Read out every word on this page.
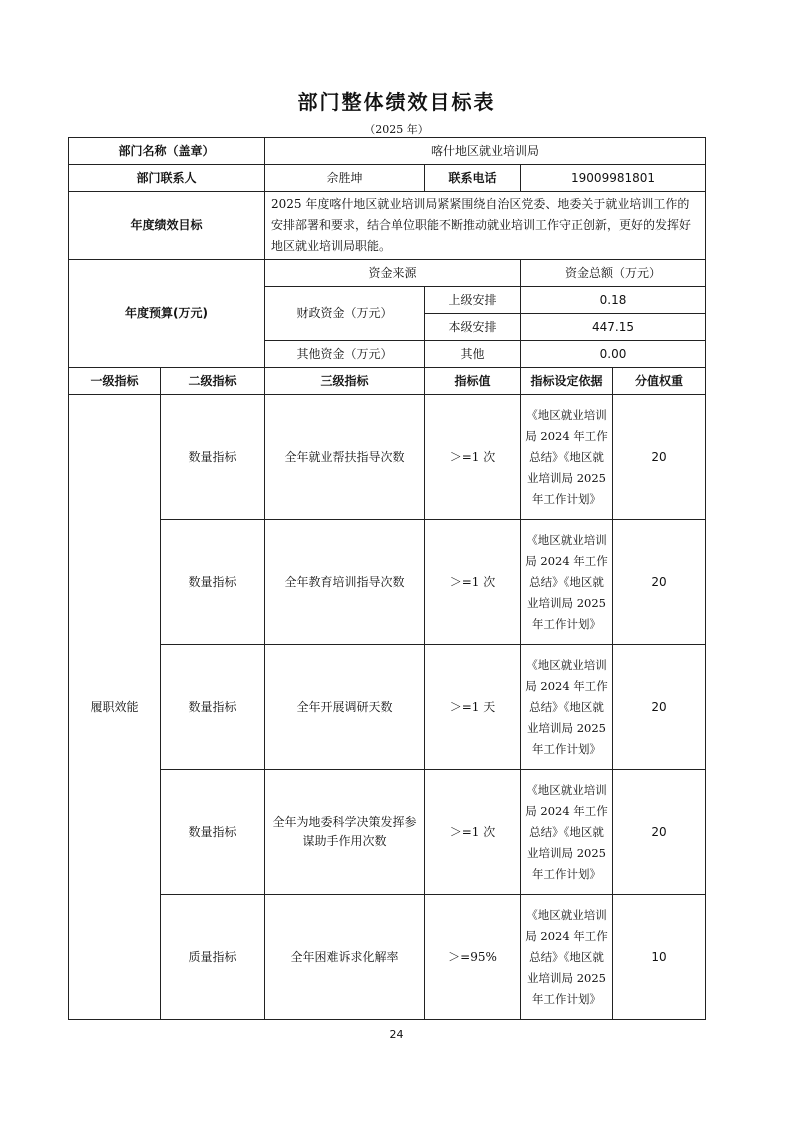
部门整体绩效目标表
（2025 年）
部门名称（盖章）		喀什地区就业培训局			
部门联系人		佘胜坤	联系电话	19009981801	
年度绩效目标		2025 年度喀什地区就业培训局紧紧围绕自治区党委、地委关于就业培训工作的安排部署和要求，结合单位职能不断推动就业培训工作守正创新，更好的发挥好地区就业培训局职能。			
年度预算(万元)		资金来源		资金总额（万元）	
		财政资金（万元）	上级安排	0.18	
			本级安排	447.15	
		其他资金（万元）	其他	0.00	
一级指标	二级指标	三级指标	指标值	指标设定依据	分值权重
履职效能	数量指标	全年就业帮扶指导次数	＞=1 次	《地区就业培训局 2024 年工作总结》《地区就业培训局 2025 年工作计划》	20
	数量指标	全年教育培训指导次数	＞=1 次	《地区就业培训局 2024 年工作总结》《地区就业培训局 2025 年工作计划》	20
	数量指标	全年开展调研天数	＞=1 天	《地区就业培训局 2024 年工作总结》《地区就业培训局 2025 年工作计划》	20
	数量指标	全年为地委科学决策发挥参谋助手作用次数	＞=1 次	《地区就业培训局 2024 年工作总结》《地区就业培训局 2025 年工作计划》	20
	质量指标	全年困难诉求化解率	＞=95%	《地区就业培训局 2024 年工作总结》《地区就业培训局 2025 年工作计划》	10
24
